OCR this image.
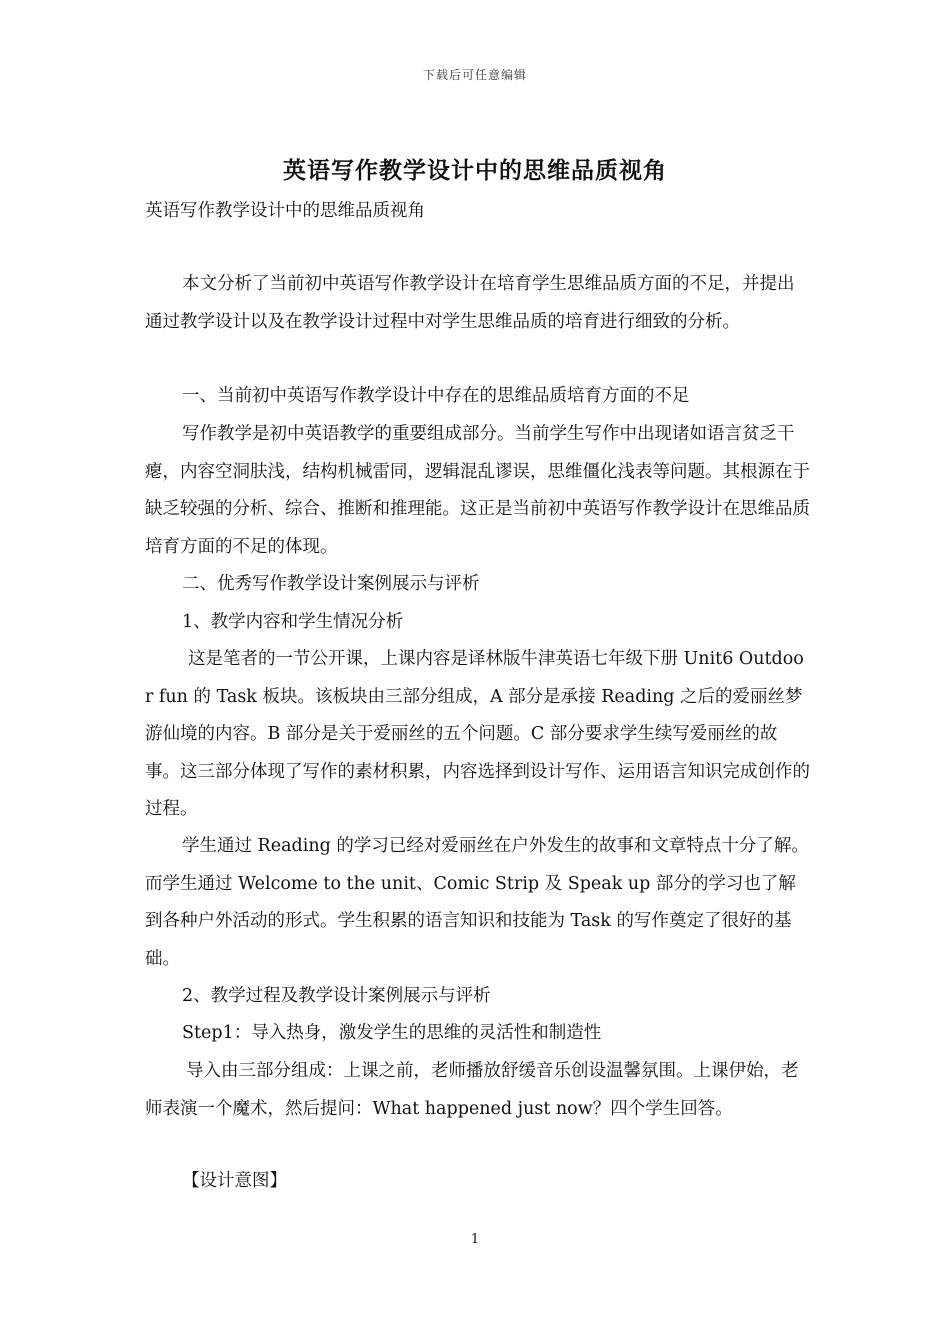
下载后可任意编辑
英语写作教学设计中的思维品质视角

英语写作教学设计中的思维品质视角

本文分析了当前初中英语写作教学设计在培育学生思维品质方面的不足，并提出通过教学设计以及在教学设计过程中对学生思维品质的培育进行细致的分析。

一、当前初中英语写作教学设计中存在的思维品质培育方面的不足

写作教学是初中英语教学的重要组成部分。当前学生写作中出现诸如语言贫乏干瘪，内容空洞肤浅，结构机械雷同，逻辑混乱谬误，思维僵化浅表等问题。其根源在于缺乏较强的分析、综合、推断和推理能。这正是当前初中英语写作教学设计在思维品质培育方面的不足的体现。

二、优秀写作教学设计案例展示与评析

1、教学内容和学生情况分析

这是笔者的一节公开课，上课内容是译林版牛津英语七年级下册 Unit6 Outdoor fun 的 Task 板块。该板块由三部分组成，A 部分是承接 Reading 之后的爱丽丝梦游仙境的内容。B 部分是关于爱丽丝的五个问题。C 部分要求学生续写爱丽丝的故事。这三部分体现了写作的素材积累，内容选择到设计写作、运用语言知识完成创作的过程。

学生通过 Reading 的学习已经对爱丽丝在户外发生的故事和文章特点十分了解。而学生通过 Welcome to the unit、Comic Strip 及 Speak up 部分的学习也了解到各种户外活动的形式。学生积累的语言知识和技能为 Task 的写作奠定了很好的基础。

2、教学过程及教学设计案例展示与评析

Step1：导入热身，激发学生的思维的灵活性和制造性

导入由三部分组成：上课之前，老师播放舒缓音乐创设温馨氛围。上课伊始，老师表演一个魔术，然后提问：What happened just now？四个学生回答。

【设计意图】

1
